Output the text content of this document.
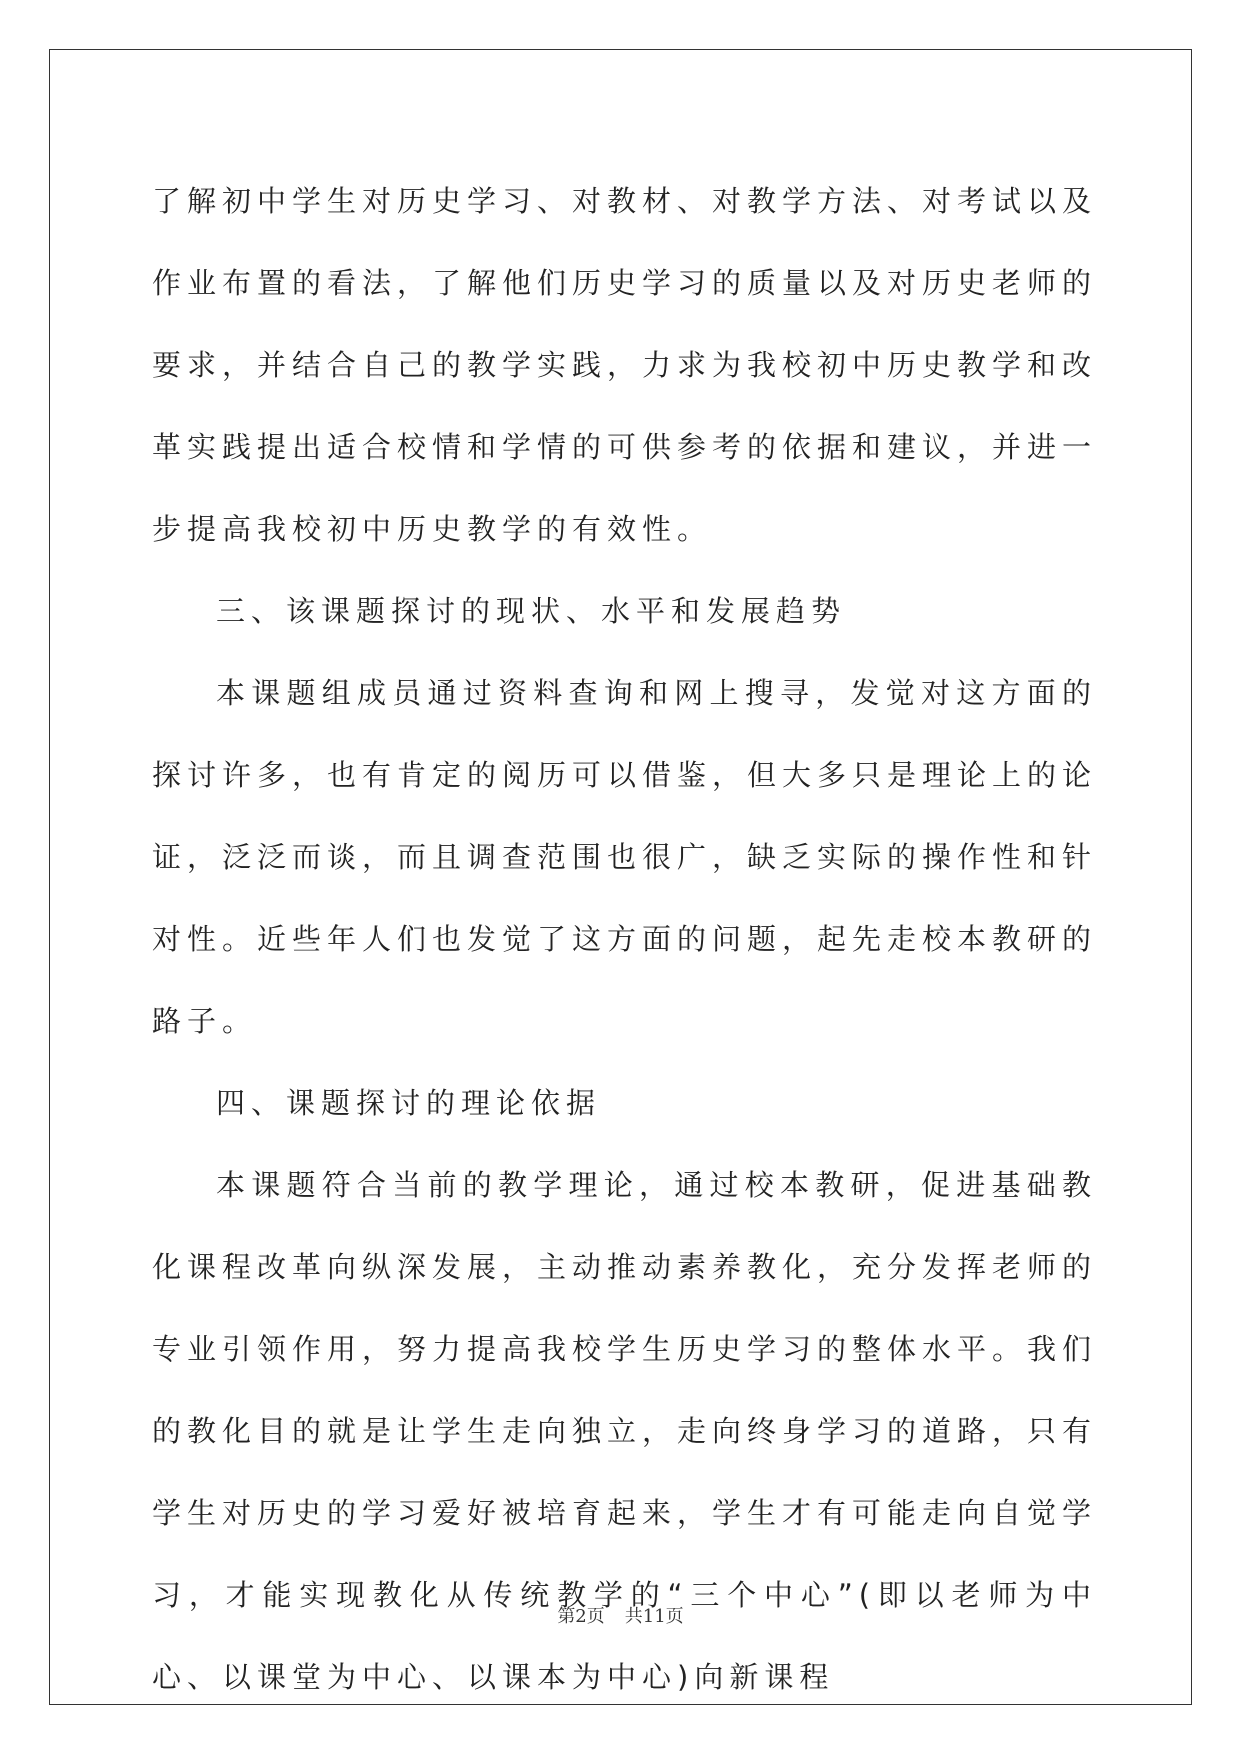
了解初中学生对历史学习、对教材、对教学方法、对考试以及作业布置的看法，了解他们历史学习的质量以及对历史老师的要求，并结合自己的教学实践，力求为我校初中历史教学和改革实践提出适合校情和学情的可供参考的依据和建议，并进一步提高我校初中历史教学的有效性。

三、该课题探讨的现状、水平和发展趋势

本课题组成员通过资料查询和网上搜寻，发觉对这方面的探讨许多，也有肯定的阅历可以借鉴，但大多只是理论上的论证，泛泛而谈，而且调查范围也很广，缺乏实际的操作性和针对性。近些年人们也发觉了这方面的问题，起先走校本教研的路子。

四、课题探讨的理论依据

本课题符合当前的教学理论，通过校本教研，促进基础教化课程改革向纵深发展，主动推动素养教化，充分发挥老师的专业引领作用，努力提高我校学生历史学习的整体水平。我们的教化目的就是让学生走向独立，走向终身学习的道路，只有学生对历史的学习爱好被培育起来，学生才有可能走向自觉学习，才能实现教化从传统教学的“三个中心”(即以老师为中心、以课堂为中心、以课本为中心)向新课程

第2页 共11页
